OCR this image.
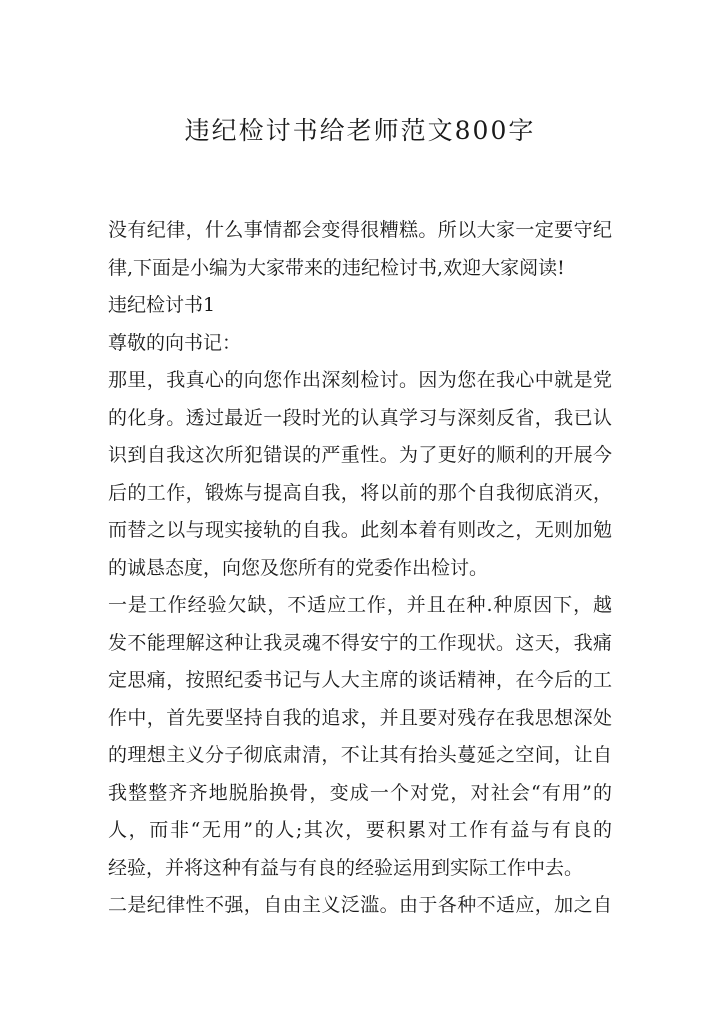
违纪检讨书给老师范文800字
没有纪律，什么事情都会变得很糟糕。所以大家一定要守纪
律,下面是小编为大家带来的违纪检讨书,欢迎大家阅读!
违纪检讨书1
尊敬的向书记：
那里，我真心的向您作出深刻检讨。因为您在我心中就是党
的化身。透过最近一段时光的认真学习与深刻反省，我已认
识到自我这次所犯错误的严重性。为了更好的顺利的开展今
后的工作，锻炼与提高自我，将以前的那个自我彻底消灭，
而替之以与现实接轨的自我。此刻本着有则改之，无则加勉
的诚恳态度，向您及您所有的党委作出检讨。
一是工作经验欠缺，不适应工作，并且在种.种原因下，越
发不能理解这种让我灵魂不得安宁的工作现状。这天，我痛
定思痛，按照纪委书记与人大主席的谈话精神，在今后的工
作中，首先要坚持自我的追求，并且要对残存在我思想深处
的理想主义分子彻底肃清，不让其有抬头蔓延之空间，让自
我整整齐齐地脱胎换骨，变成一个对党，对社会“有用”的
人，而非“无用”的人;其次，要积累对工作有益与有良的
经验，并将这种有益与有良的经验运用到实际工作中去。
二是纪律性不强，自由主义泛滥。由于各种不适应，加之自
